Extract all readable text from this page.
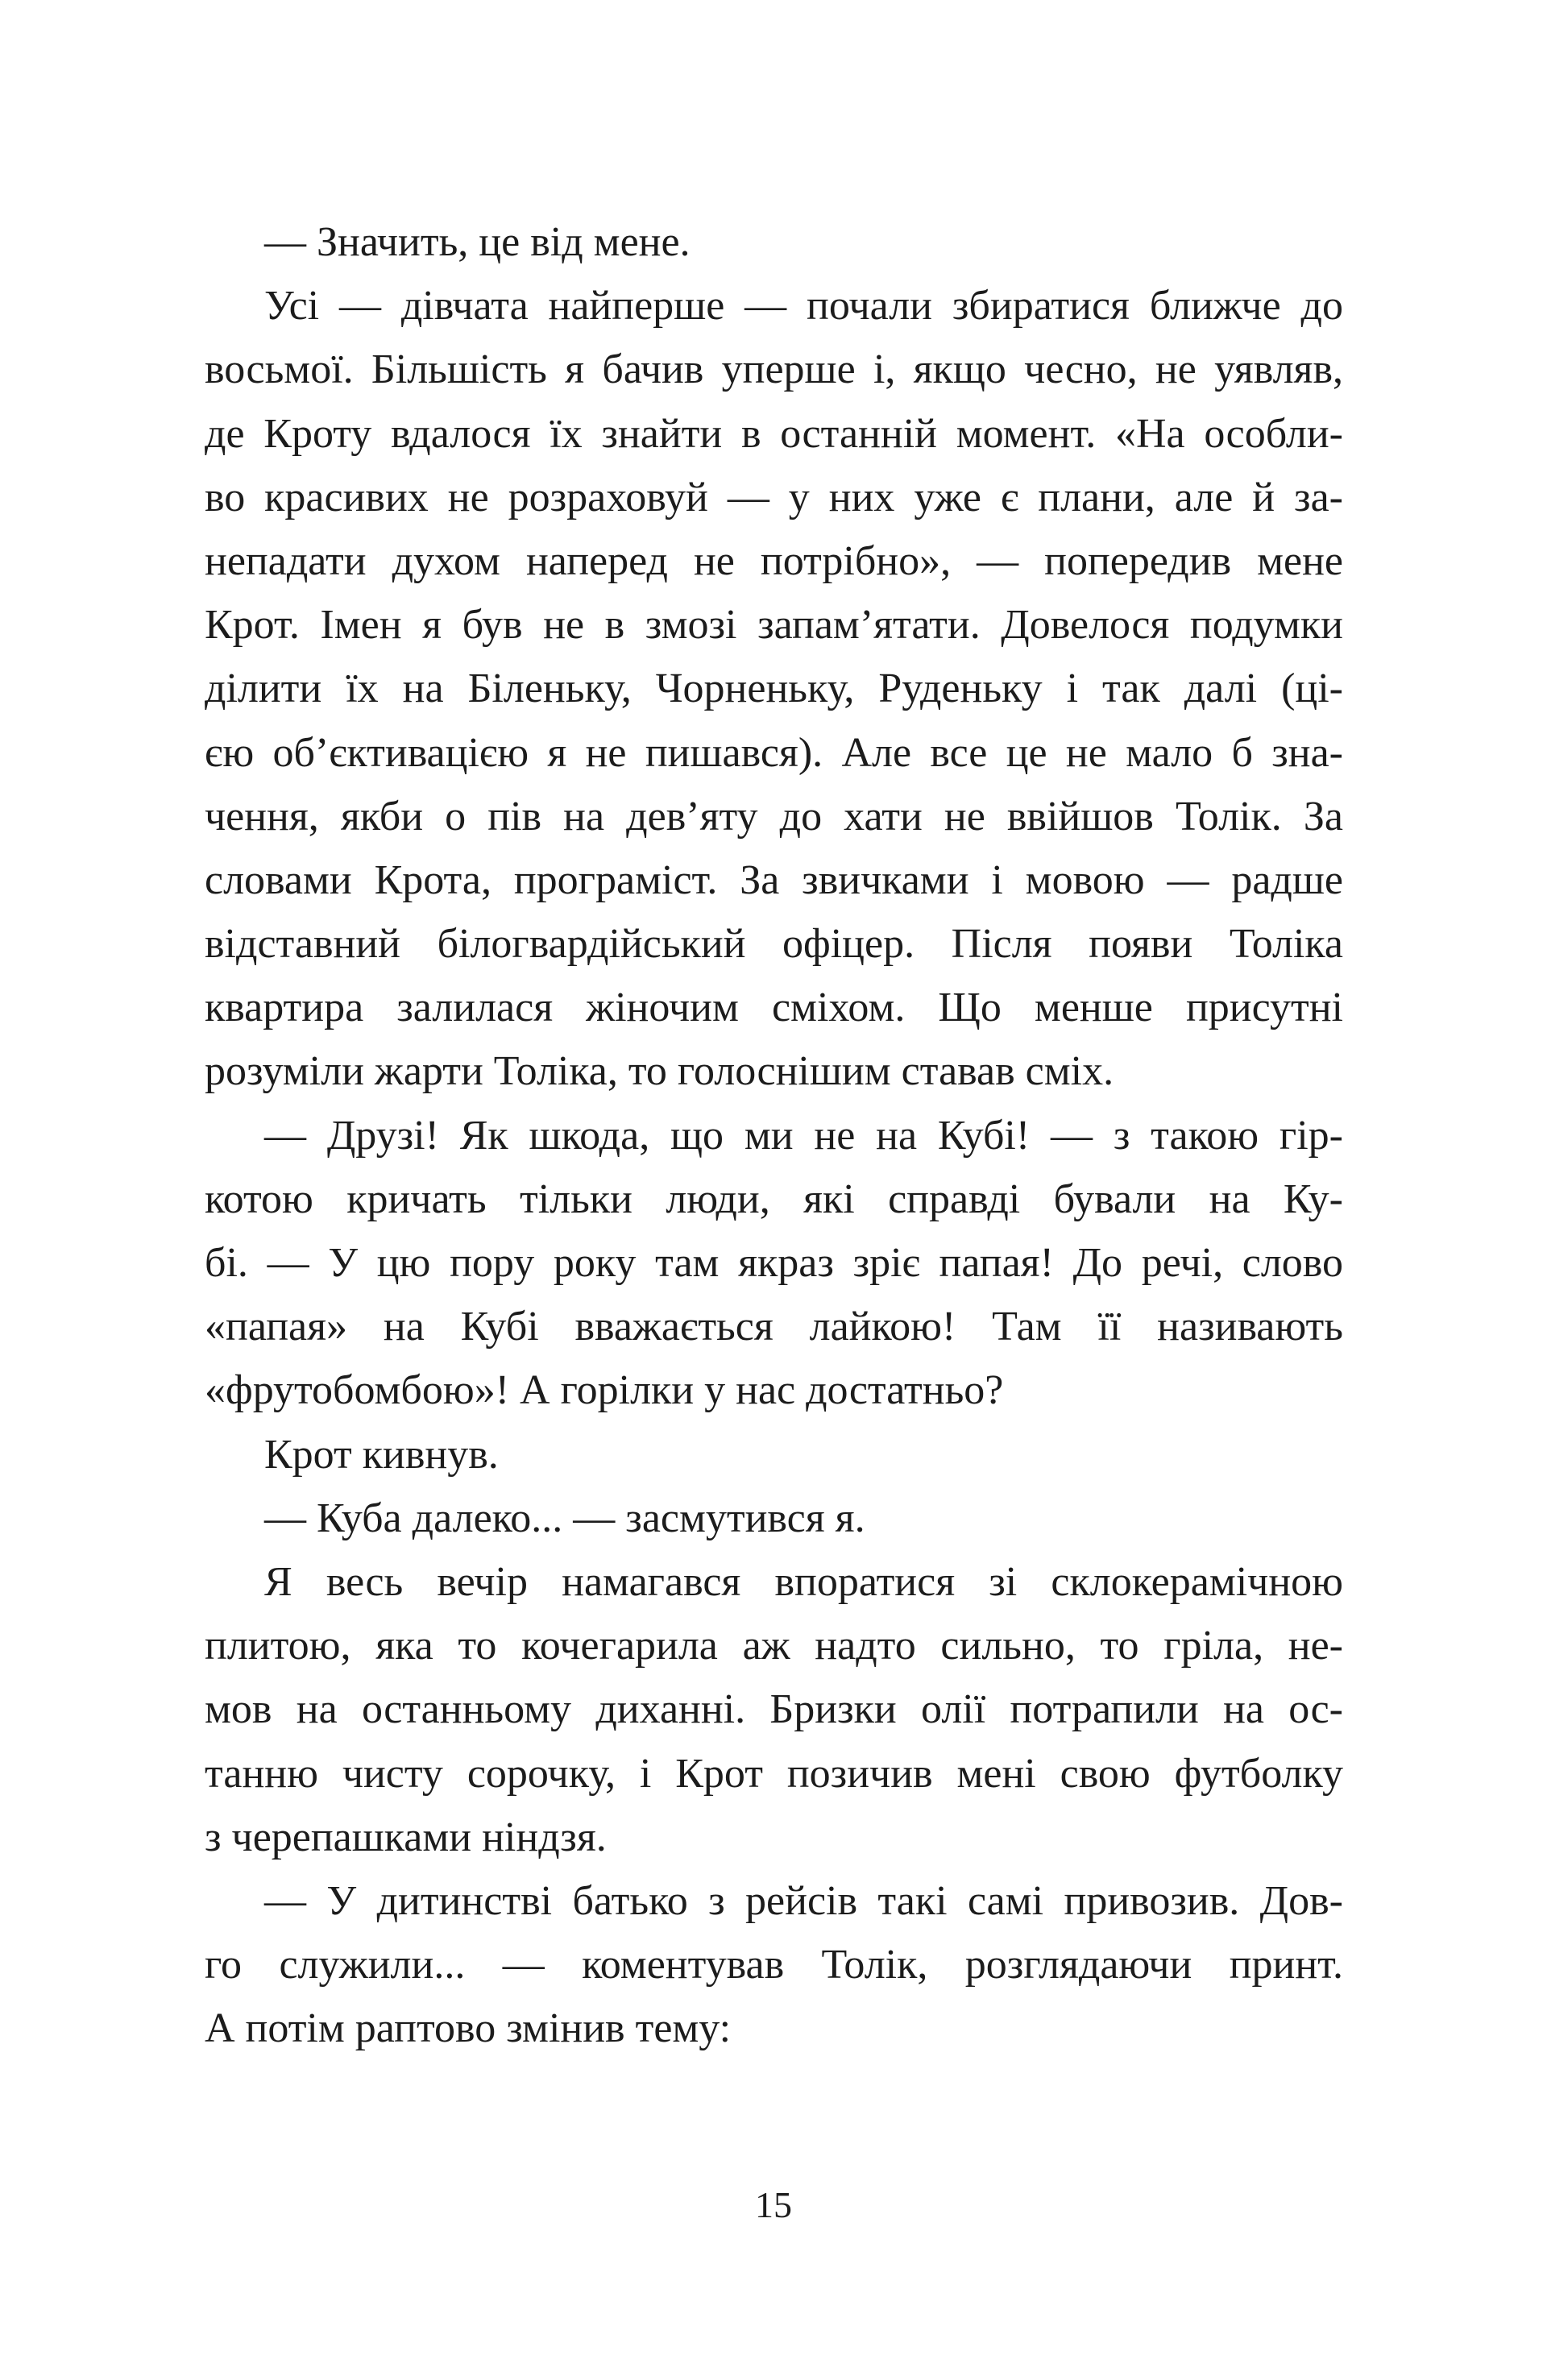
— Значить, це від мене.
Усі — дівчата найперше — почали збиратися ближче до
восьмої. Більшість я бачив уперше і, якщо чесно, не уявляв,
де Кроту вдалося їх знайти в останній момент. «На особли-
во красивих не розраховуй — у них уже є плани, але й за-
непадати духом наперед не потрібно», — попередив мене
Крот. Імен я був не в змозі запам’ятати. Довелося подумки
ділити їх на Біленьку, Чорненьку, Руденьку і так далі (ці-
єю об’єктивацією я не пишався). Але все це не мало б зна-
чення, якби о пів на дев’яту до хати не ввійшов Толік. За
словами Крота, програміст. За звичками і мовою — радше
відставний білогвардійський офіцер. Після появи Толіка
квартира залилася жіночим сміхом. Що менше присутні
розуміли жарти Толіка, то голоснішим ставав сміх.
— Друзі! Як шкода, що ми не на Кубі! — з такою гір-
котою кричать тільки люди, які справді бували на Ку-
бі. — У цю пору року там якраз зріє папая! До речі, слово
«папая» на Кубі вважається лайкою! Там її називають
«фрутобомбою»! А горілки у нас достатньо?
Крот кивнув.
— Куба далеко... — засмутився я.
Я весь вечір намагався впоратися зі склокерамічною
плитою, яка то кочегарила аж надто сильно, то гріла, не-
мов на останньому диханні. Бризки олії потрапили на ос-
танню чисту сорочку, і Крот позичив мені свою футболку
з черепашками ніндзя.
— У дитинстві батько з рейсів такі самі привозив. Дов-
го служили... — коментував Толік, розглядаючи принт.
А потім раптово змінив тему:
15
